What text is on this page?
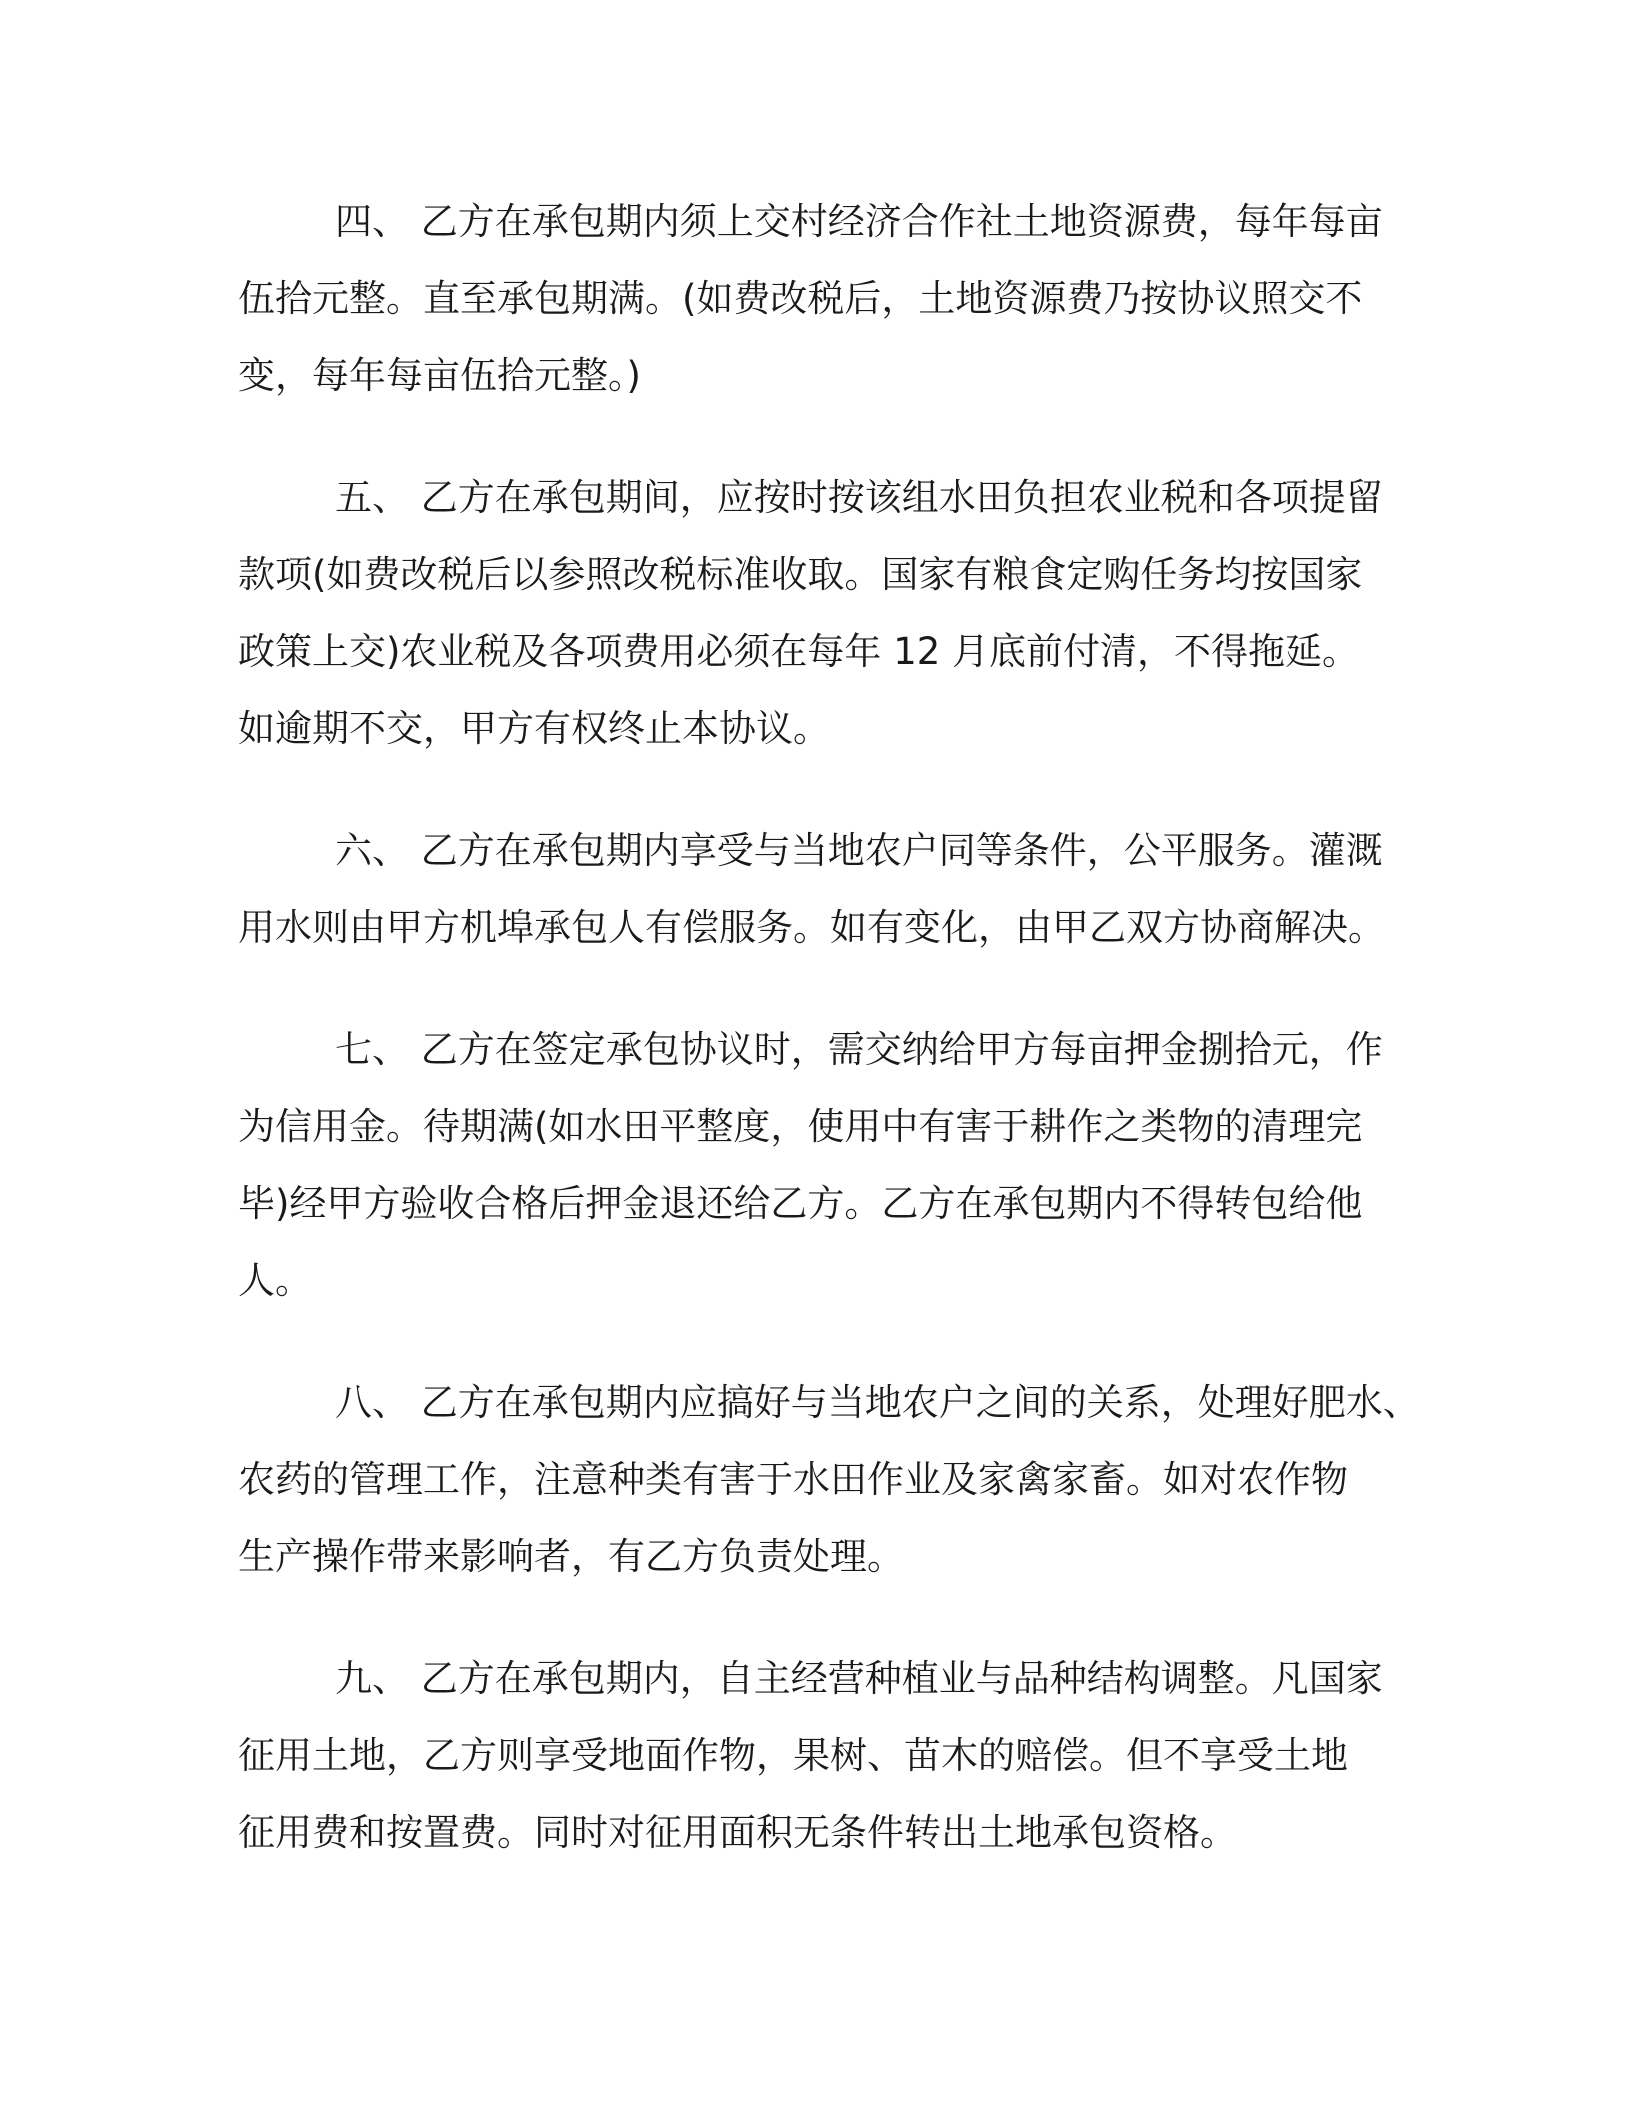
四、 乙方在承包期内须上交村经济合作社土地资源费，每年每亩
伍拾元整。直至承包期满。(如费改税后，土地资源费乃按协议照交不
变，每年每亩伍拾元整。)
五、 乙方在承包期间，应按时按该组水田负担农业税和各项提留
款项(如费改税后以参照改税标准收取。国家有粮食定购任务均按国家
政策上交)农业税及各项费用必须在每年 12 月底前付清，不得拖延。
如逾期不交，甲方有权终止本协议。
六、 乙方在承包期内享受与当地农户同等条件，公平服务。灌溉
用水则由甲方机埠承包人有偿服务。如有变化，由甲乙双方协商解决。
七、 乙方在签定承包协议时，需交纳给甲方每亩押金捌拾元，作
为信用金。待期满(如水田平整度，使用中有害于耕作之类物的清理完
毕)经甲方验收合格后押金退还给乙方。乙方在承包期内不得转包给他
人。
八、 乙方在承包期内应搞好与当地农户之间的关系，处理好肥水、
农药的管理工作，注意种类有害于水田作业及家禽家畜。如对农作物
生产操作带来影响者，有乙方负责处理。
九、 乙方在承包期内，自主经营种植业与品种结构调整。凡国家
征用土地，乙方则享受地面作物，果树、苗木的赔偿。但不享受土地
征用费和按置费。同时对征用面积无条件转出土地承包资格。
